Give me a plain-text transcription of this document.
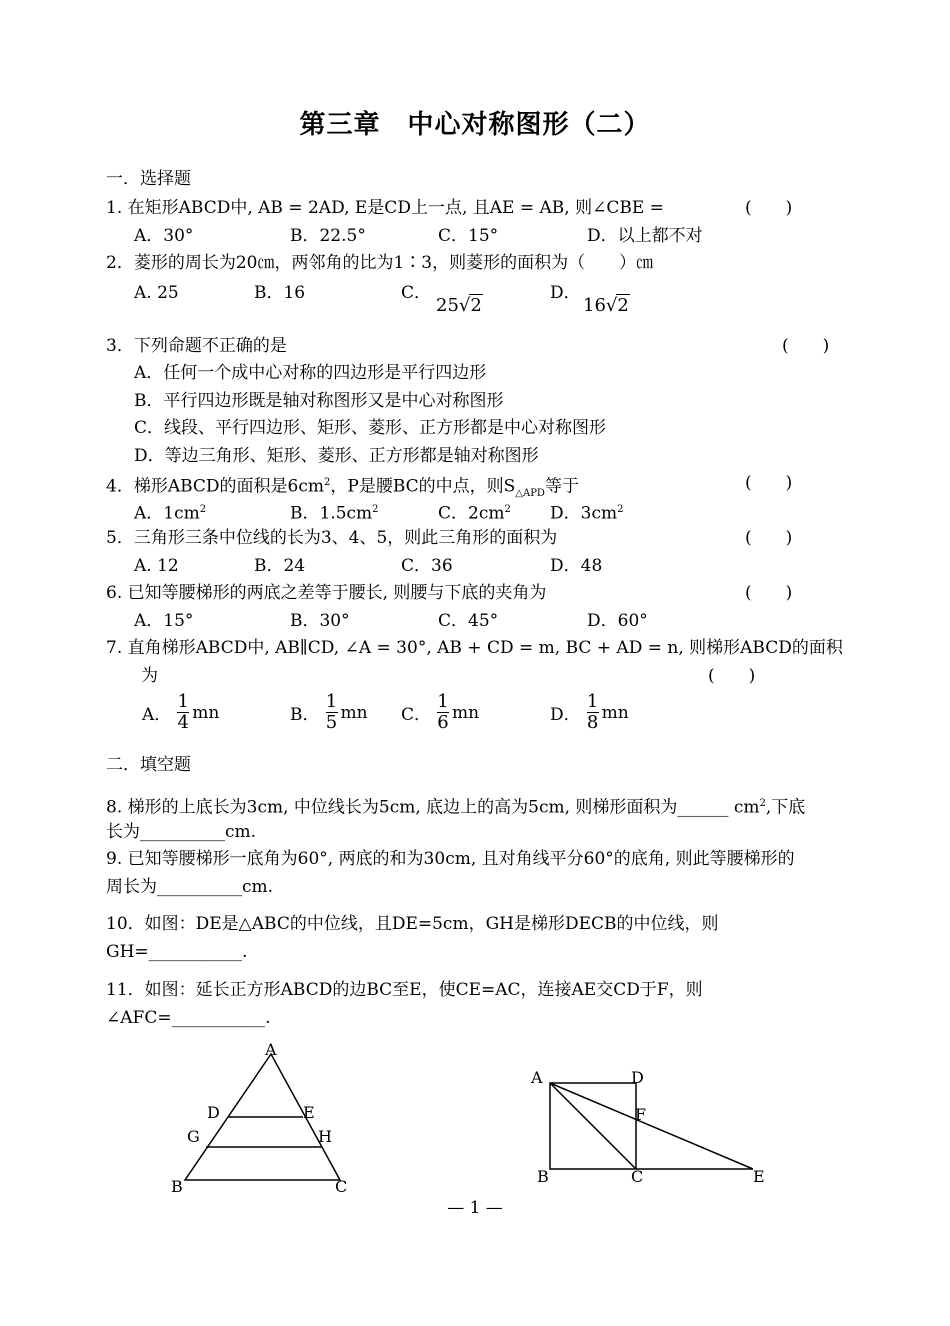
第三章　中心对称图形（二）
一．选择题
1. 在矩形ABCD中, AB = 2AD, E是CD上一点, 且AE = AB, 则∠CBE =	(　　)
A．30°	B．22.5°	C．15°	D．以上都不对
2．菱形的周长为20㎝，两邻角的比为1∶3，则菱形的面积为（　　）㎝
A. 25	B．16	C．
25√2
D．
16√2
3．下列命题不正确的是	(　　)
A．任何一个成中心对称的四边形是平行四边形
B．平行四边形既是轴对称图形又是中心对称图形
C．线段、平行四边形、矩形、菱形、正方形都是中心对称图形
D．等边三角形、矩形、菱形、正方形都是轴对称图形
4．梯形ABCD的面积是$6cm^2$，P是腰BC的中点，则$S_{\triangle APD}$等于	(　　)
A．$1cm^2$	B．$1.5cm^2$	C．$2cm^2$ D．$3cm^2$
5．三角形三条中位线的长为3、4、5，则此三角形的面积为	(　　)
A. 12	B．24	C．36	D．48
6. 已知等腰梯形的两底之差等于腰长, 则腰与下底的夹角为	(　　)
A．15°	B．30°	C．45°	D．60°
7. 直角梯形ABCD中, AB∥CD, ∠A = 30°, AB + CD = m, BC + AD = n, 则梯形ABCD的面积
为	(　　)
A．
1
4 mn	B．
1
5 mn C．
1
6 mn	D．
1
8 mn
二．填空题
8. 梯形的上底长为3cm, 中位线长为5cm, 底边上的高为5cm, 则梯形面积为______ $cm^2$,下底
长为__________cm.
9. 已知等腰梯形一底角为60°, 两底的和为30cm, 且对角线平分60°的底角, 则此等腰梯形的
周长为__________cm.
10．如图：DE是△ABC的中位线，且DE=5cm，GH是梯形DECB的中位线，则
GH=___________.
11．如图：延长正方形ABCD的边BC至E，使CE=AC，连接AE交CD于F，则
∠AFC=___________.
A
D	E
G	H
B	C
A	D
F
B	C	E
— 1 —
